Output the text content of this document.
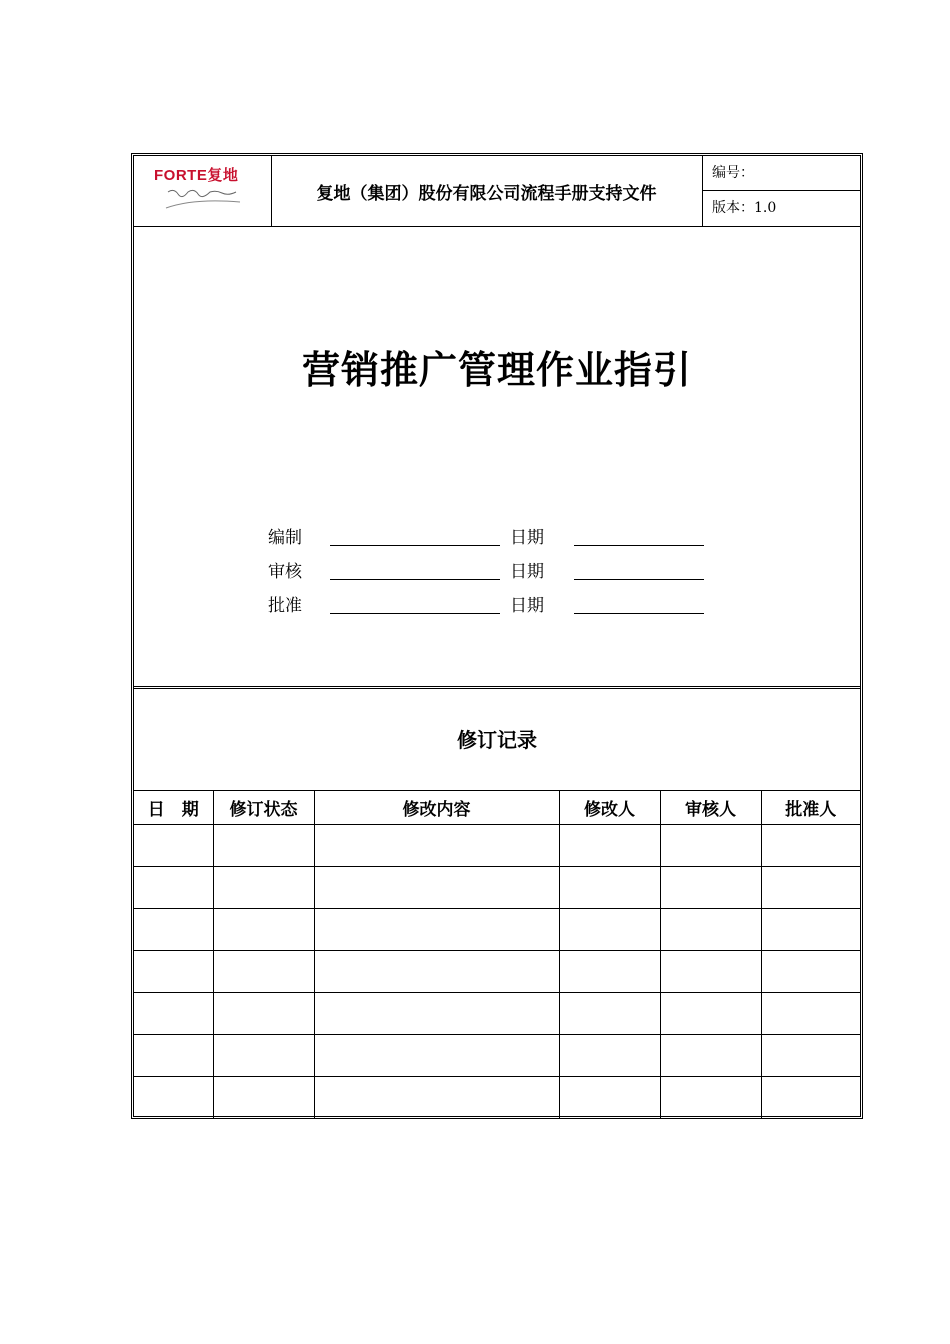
FORTE复地
复地（集团）股份有限公司流程手册支持文件
编号：
版本：1.0
营销推广管理作业指引
编制	日期
审核	日期
批准	日期
修订记录
日　期	修订状态	修改内容	修改人	审核人	批准人
